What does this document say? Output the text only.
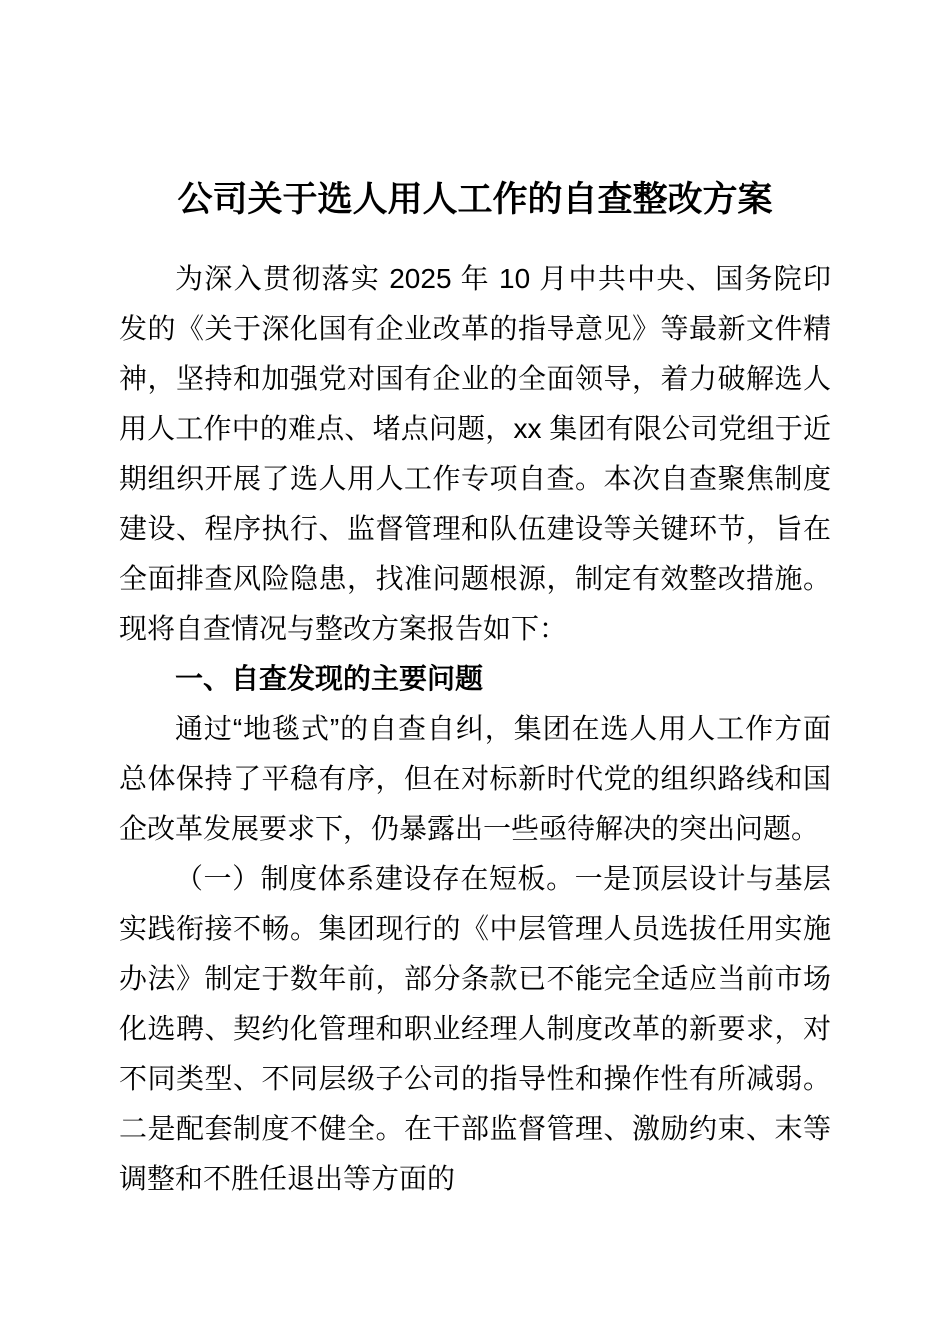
公司关于选人用人工作的自查整改方案

为深入贯彻落实 2025 年 10 月中共中央、国务院印发的《关于深化国有企业改革的指导意见》等最新文件精神，坚持和加强党对国有企业的全面领导，着力破解选人用人工作中的难点、堵点问题，xx 集团有限公司党组于近期组织开展了选人用人工作专项自查。本次自查聚焦制度建设、程序执行、监督管理和队伍建设等关键环节，旨在全面排查风险隐患，找准问题根源，制定有效整改措施。现将自查情况与整改方案报告如下：

一、自查发现的主要问题

通过“地毯式”的自查自纠，集团在选人用人工作方面总体保持了平稳有序，但在对标新时代党的组织路线和国企改革发展要求下，仍暴露出一些亟待解决的突出问题。

（一）制度体系建设存在短板。一是顶层设计与基层实践衔接不畅。集团现行的《中层管理人员选拔任用实施办法》制定于数年前，部分条款已不能完全适应当前市场化选聘、契约化管理和职业经理人制度改革的新要求，对不同类型、不同层级子公司的指导性和操作性有所减弱。二是配套制度不健全。在干部监督管理、激励约束、末等调整和不胜任退出等方面的
